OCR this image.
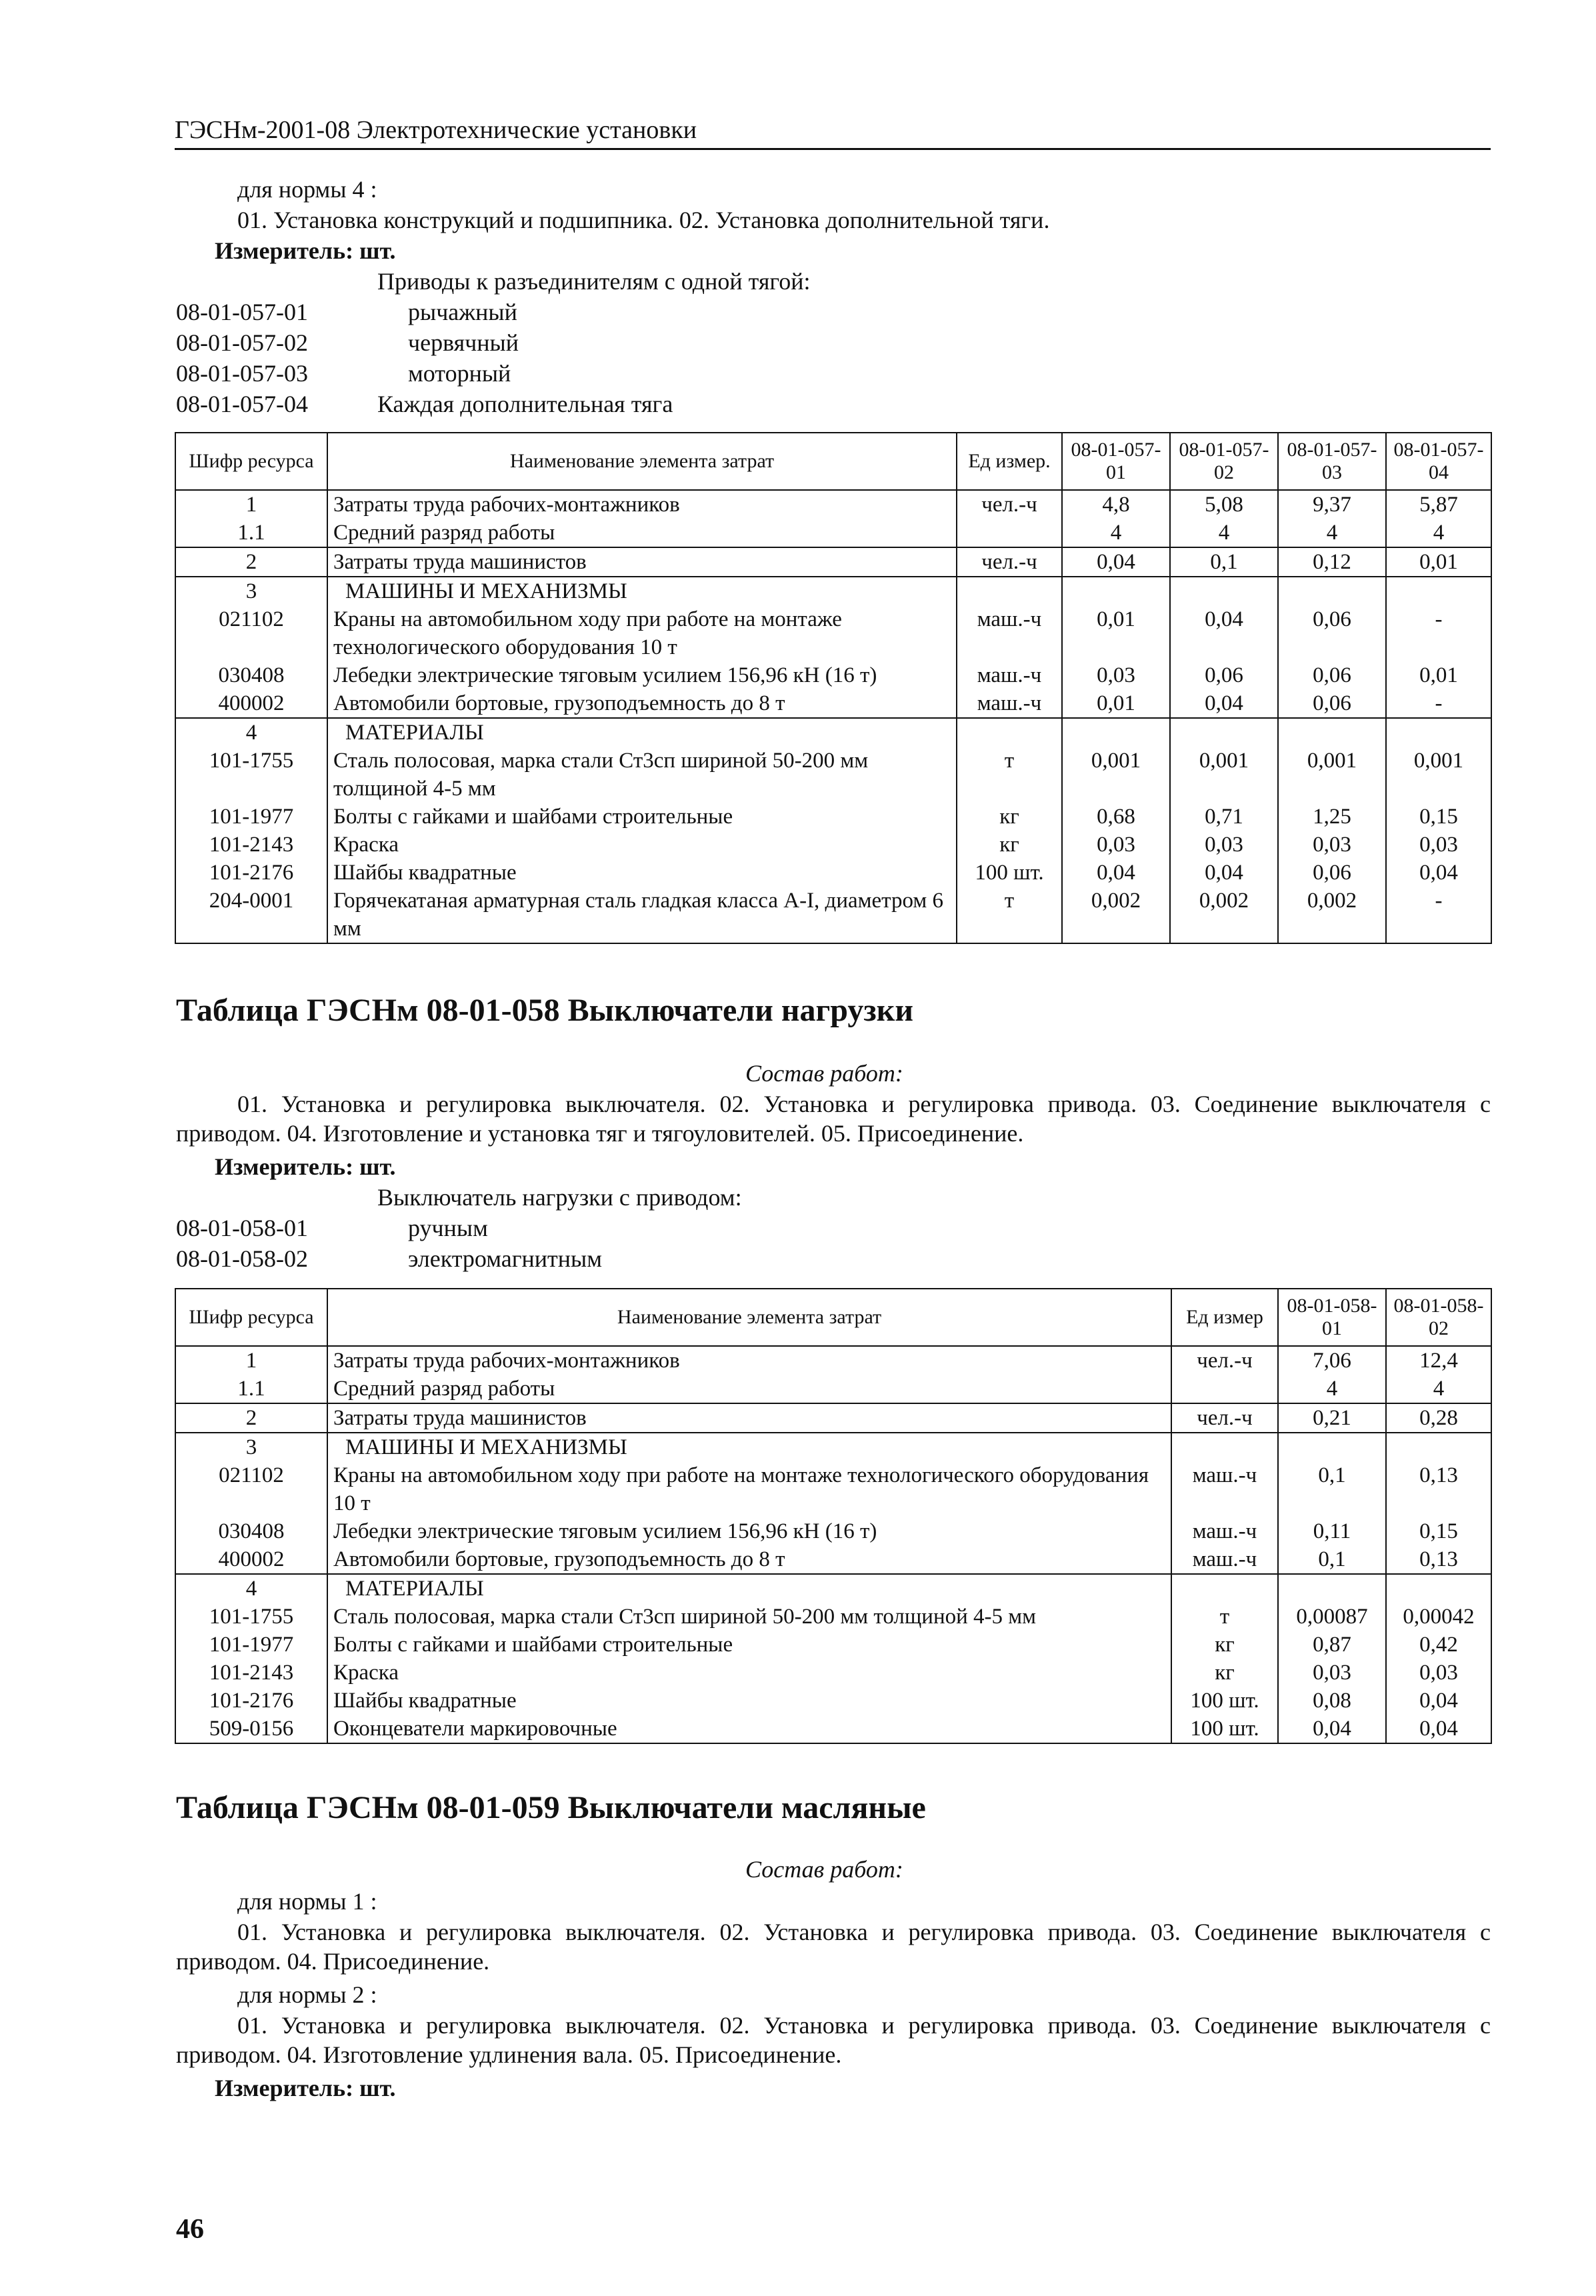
ГЭСНм-2001-08 Электротехнические установки
для нормы 4 :
01. Установка конструкций и подшипника. 02. Установка дополнительной тяги.
Измеритель: шт.
Приводы к разъединителям с одной тягой:
08-01-057-01	рычажный
08-01-057-02	червячный
08-01-057-03	моторный
08-01-057-04	Каждая дополнительная тяга
Шифр ресурса	Наименование элемента затрат	Ед измер.	08-01-057-01	08-01-057-02	08-01-057-03	08-01-057-04
1	Затраты труда рабочих-монтажников	чел.-ч	4,8	5,08	9,37	5,87
1.1	Средний разряд работы		4	4	4	4
2	Затраты труда машинистов	чел.-ч	0,04	0,1	0,12	0,01
3	МАШИНЫ И МЕХАНИЗМЫ					
021102	Краны на автомобильном ходу при работе на монтаже технологического оборудования 10 т	маш.-ч	0,01	0,04	0,06	-
030408	Лебедки электрические тяговым усилием 156,96 кН (16 т)	маш.-ч	0,03	0,06	0,06	0,01
400002	Автомобили бортовые, грузоподъемность до 8 т	маш.-ч	0,01	0,04	0,06	-
4	МАТЕРИАЛЫ					
101-1755	Сталь полосовая, марка стали Ст3сп шириной 50-200 мм толщиной 4-5 мм	т	0,001	0,001	0,001	0,001
101-1977	Болты с гайками и шайбами строительные	кг	0,68	0,71	1,25	0,15
101-2143	Краска	кг	0,03	0,03	0,03	0,03
101-2176	Шайбы квадратные	100 шт.	0,04	0,04	0,06	0,04
204-0001	Горячекатаная арматурная сталь гладкая класса А-I, диаметром 6 мм	т	0,002	0,002	0,002	-
Таблица ГЭСНм 08-01-058 Выключатели нагрузки
Состав работ:
01. Установка и регулировка выключателя. 02. Установка и регулировка привода. 03. Соединение выключателя с приводом. 04. Изготовление и установка тяг и тягоуловителей. 05. Присоединение.
Измеритель: шт.
Выключатель нагрузки с приводом:
08-01-058-01	ручным
08-01-058-02	электромагнитным
Шифр ресурса	Наименование элемента затрат	Ед измер	08-01-058-01	08-01-058-02
1	Затраты труда рабочих-монтажников	чел.-ч	7,06	12,4
1.1	Средний разряд работы		4	4
2	Затраты труда машинистов	чел.-ч	0,21	0,28
3	МАШИНЫ И МЕХАНИЗМЫ			
021102	Краны на автомобильном ходу при работе на монтаже технологического оборудования 10 т	маш.-ч	0,1	0,13
030408	Лебедки электрические тяговым усилием 156,96 кН (16 т)	маш.-ч	0,11	0,15
400002	Автомобили бортовые, грузоподъемность до 8 т	маш.-ч	0,1	0,13
4	МАТЕРИАЛЫ			
101-1755	Сталь полосовая, марка стали Ст3сп шириной 50-200 мм толщиной 4-5 мм	т	0,00087	0,00042
101-1977	Болты с гайками и шайбами строительные	кг	0,87	0,42
101-2143	Краска	кг	0,03	0,03
101-2176	Шайбы квадратные	100 шт.	0,08	0,04
509-0156	Оконцеватели маркировочные	100 шт.	0,04	0,04
Таблица ГЭСНм 08-01-059 Выключатели масляные
Состав работ:
для нормы 1 :
01. Установка и регулировка выключателя. 02. Установка и регулировка привода. 03. Соединение выключателя с приводом. 04. Присоединение.
для нормы 2 :
01. Установка и регулировка выключателя. 02. Установка и регулировка привода. 03. Соединение выключателя с приводом. 04. Изготовление удлинения вала. 05. Присоединение.
Измеритель: шт.
46
